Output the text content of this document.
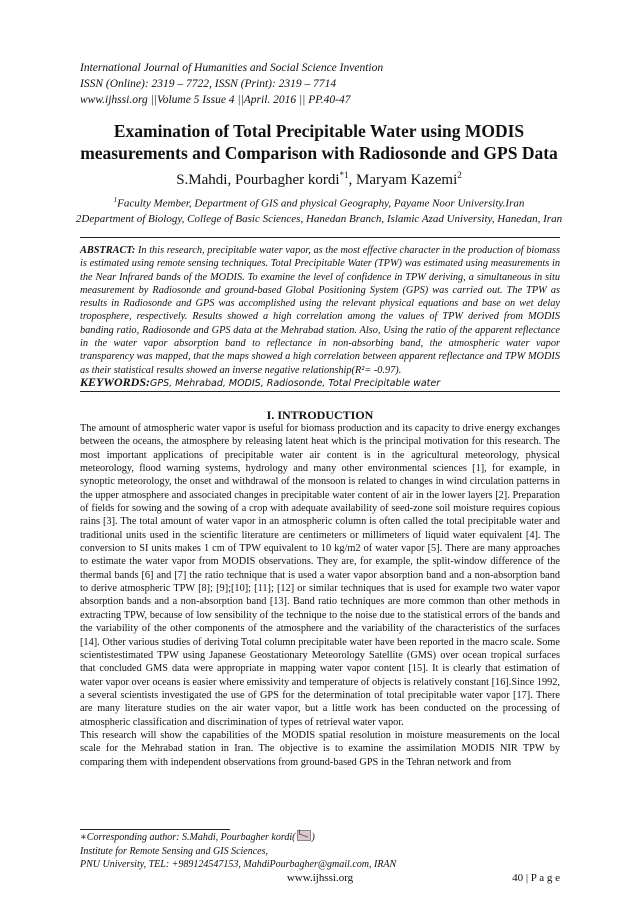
International Journal of Humanities and Social Science Invention
ISSN (Online): 2319 – 7722, ISSN (Print): 2319 – 7714
www.ijhssi.org ||Volume 5 Issue 4 ||April. 2016 || PP.40-47
Examination of Total Precipitable Water using MODIS
measurements and Comparison with Radiosonde and GPS Data
S.Mahdi, Pourbagher kordi$^{*1}$, Maryam Kazemi$^2$
$^1$Faculty Member, Department of GIS and physical Geography, Payame Noor University.Iran
2Department of Biology, College of Basic Sciences, Hanedan Branch, Islamic Azad University, Hanedan, Iran
ABSTRACT: In this research, precipitable water vapor, as the most effective character in the production of biomass is estimated using remote sensing techniques. Total Precipitable Water (TPW) was estimated using measurements in the Near Infrared bands of the MODIS. To examine the level of confidence in TPW deriving, a simultaneous in situ measurement by Radiosonde and ground-based Global Positioning System (GPS) was carried out. The TPW as results in Radiosonde and GPS was accomplished using the relevant physical equations and base on wet delay troposphere, respectively. Results showed a high correlation among the values of TPW derived from MODIS banding ratio, Radiosonde and GPS data at the Mehrabad station. Also, Using the ratio of the apparent reflectance in the water vapor absorption band to reflectance in non-absorbing band, the atmospheric water vapor transparency was mapped, that the maps showed a high correlation between apparent reflectance and TPW MODIS as their statistical results showed an inverse negative relationship(R²= -0.97).
KEYWORDS:GPS, Mehrabad, MODIS, Radiosonde, Total Precipitable water
I. INTRODUCTION

The amount of atmospheric water vapor is useful for biomass production and its capacity to drive energy exchanges between the oceans, the atmosphere by releasing latent heat which is the principal motivation for this research. The most important applications of precipitable water air content is in the agricultural meteorology, physical meteorology, flood warning systems, hydrology and many other environmental sciences [1], for example, in synoptic meteorology, the onset and withdrawal of the monsoon is related to changes in wind circulation patterns in the upper atmosphere and associated changes in precipitable water content of air in the lower layers [2]. Preparation of fields for sowing and the sowing of a crop with adequate availability of seed-zone soil moisture requires copious rains [3]. The total amount of water vapor in an atmospheric column is often called the total precipitable water and traditional units used in the scientific literature are centimeters or millimeters of liquid water equivalent [4]. The conversion to SI units makes 1 cm of TPW equivalent to 10 kg/m2 of water vapor [5]. There are many approaches to estimate the water vapor from MODIS observations. They are, for example, the split-window difference of the thermal bands [6] and [7] the ratio technique that is used a water vapor absorption band and a non-absorption band to derive atmospheric TPW [8]; [9];[10]; [11]; [12] or similar techniques that is used for example two water vapor absorption bands and a non-absorption band [13]. Band ratio techniques are more common than other methods in extracting TPW, because of low sensibility of the technique to the noise due to the statistical errors of the bands and the variability of the other components of the atmosphere and the variability of the characteristics of the surfaces [14]. Other various studies of deriving Total column precipitable water have been reported in the macro scale. Some scientistestimated TPW using Japanese Geostationary Meteorology Satellite (GMS) over ocean tropical surfaces that concluded GMS data were appropriate in mapping water vapor content [15]. It is clearly that estimation of water vapor over oceans is easier where emissivity and temperature of objects is relatively constant [16].Since 1992, a several scientists investigated the use of GPS for the determination of total precipitable water vapor [17]. There are many literature studies on the air water vapor, but a little work has been conducted on the processing of atmospheric classification and discrimination of types of retrieval water vapor.

This research will show the capabilities of the MODIS spatial resolution in moisture measurements on the local scale for the Mehrabad station in Iran. The objective is to examine the assimilation MODIS NIR TPW by comparing them with independent observations from ground-based GPS in the Tehran network and from

∗Corresponding author: S.Mahdi, Pourbagher kordi( )
Institute for Remote Sensing and GIS Sciences,
PNU University, TEL: +989124547153, MahdiPourbagher@gmail.com, IRAN
www.ijhssi.org	40 | P a g e
